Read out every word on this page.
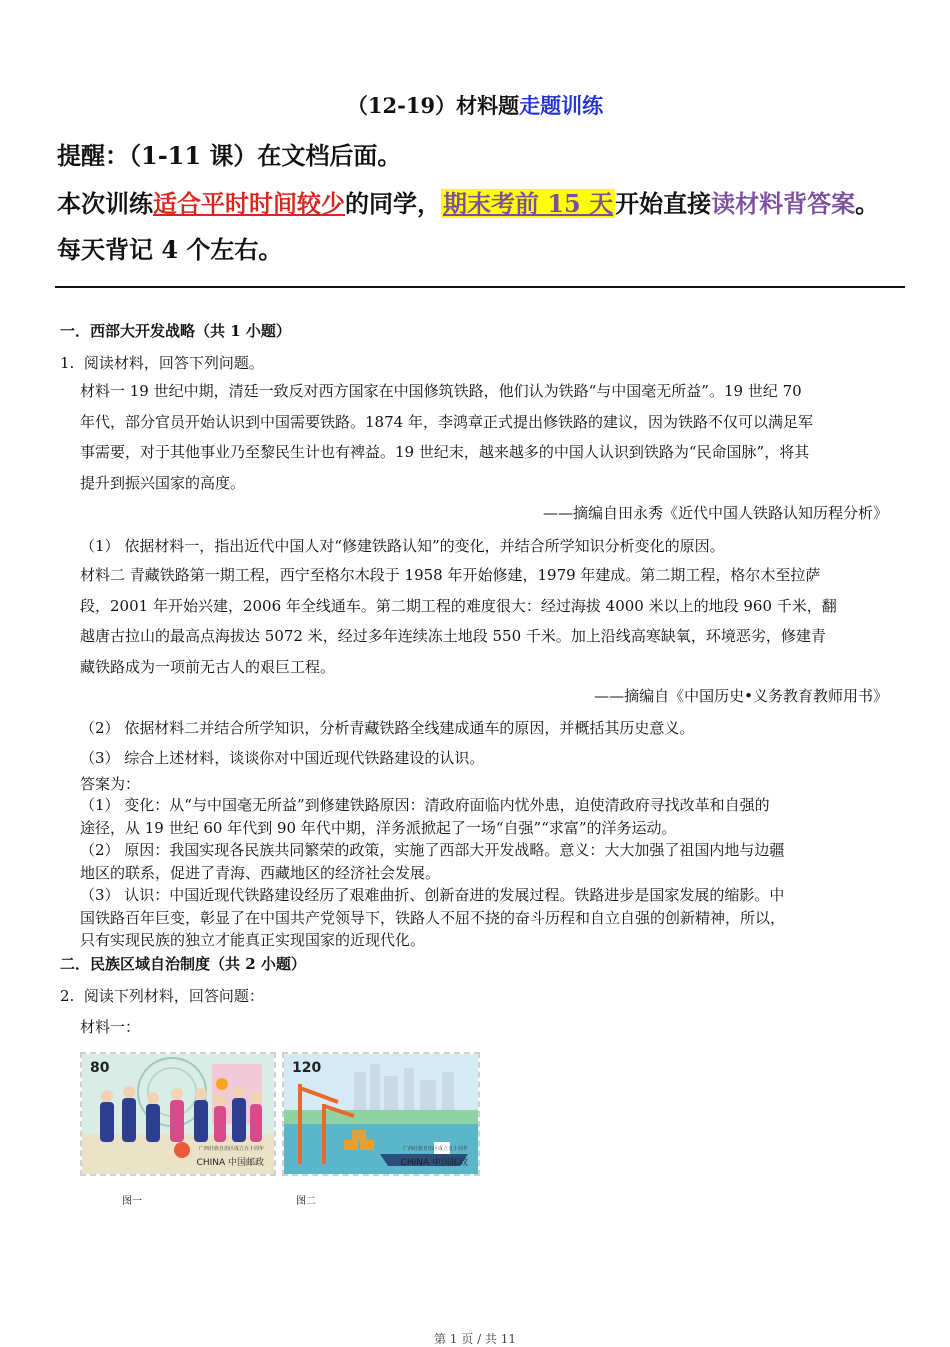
（12-19）材料题走题训练
提醒：（1-11 课）在文档后面。
本次训练适合平时时间较少的同学，期末考前 15 天开始直接读材料背答案。
每天背记 4 个左右。
一．西部大开发战略（共 1 小题）
1. 阅读材料，回答下列问题。
材料一 19 世纪中期，清廷一致反对西方国家在中国修筑铁路，他们认为铁路“与中国毫无所益”。19 世纪 70
年代，部分官员开始认识到中国需要铁路。1874 年，李鸿章正式提出修铁路的建议，因为铁路不仅可以满足军
事需要，对于其他事业乃至黎民生计也有裨益。19 世纪末，越来越多的中国人认识到铁路为“民命国脉”，将其
提升到振兴国家的高度。
——摘编自田永秀《近代中国人铁路认知历程分析》
（1） 依据材料一，指出近代中国人对“修建铁路认知”的变化，并结合所学知识分析变化的原因。
材料二 青藏铁路第一期工程，西宁至格尔木段于 1958 年开始修建，1979 年建成。第二期工程，格尔木至拉萨
段，2001 年开始兴建，2006 年全线通车。第二期工程的难度很大：经过海拔 4000 米以上的地段 960 千米，翻
越唐古拉山的最高点海拔达 5072 米，经过多年连续冻土地段 550 千米。加上沿线高寒缺氧，环境恶劣，修建青
藏铁路成为一项前无古人的艰巨工程。
——摘编自《中国历史•义务教育教师用书》
（2） 依据材料二并结合所学知识，分析青藏铁路全线建成通车的原因，并概括其历史意义。
（3） 综合上述材料，谈谈你对中国近现代铁路建设的认识。
答案为：
（1） 变化：从“与中国毫无所益”到修建铁路原因：清政府面临内忧外患，迫使清政府寻找改革和自强的
途径，从 19 世纪 60 年代到 90 年代中期，洋务派掀起了一场“自强”“求富”的洋务运动。
（2） 原因：我国实现各民族共同繁荣的政策，实施了西部大开发战略。意义：大大加强了祖国内地与边疆
地区的联系，促进了青海、西藏地区的经济社会发展。
（3） 认识：中国近现代铁路建设经历了艰难曲折、创新奋进的发展过程。铁路进步是国家发展的缩影。中
国铁路百年巨变，彰显了在中国共产党领导下，铁路人不屈不挠的奋斗历程和自立自强的创新精神，所以，
只有实现民族的独立才能真正实现国家的近现代化。
二．民族区域自治制度（共 2 小题）
2. 阅读下列材料，回答问题：
材料一：
80
广西壮族自治区成立五十周年
CHINA 中国邮政
120
广西壮族自治区成立五十周年
CHINA 中国邮政
图一	图二
第 1 页 / 共 11
